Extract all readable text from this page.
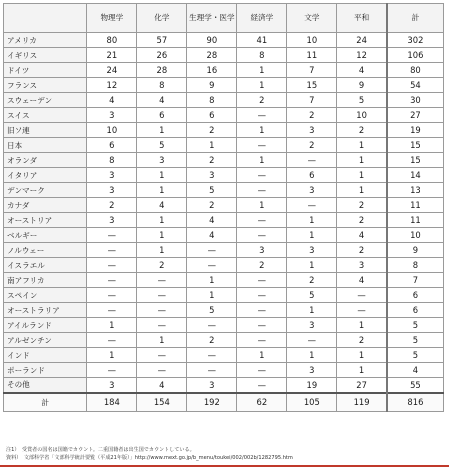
	物理学	化学	生理学・医学	経済学	文学	平和	計
アメリカ	80	57	90	41	10	24	302
イギリス	21	26	28	8	11	12	106
ドイツ	24	28	16	1	7	4	80
フランス	12	8	9	1	15	9	54
スウェーデン	4	4	8	2	7	5	30
スイス	3	6	6	—	2	10	27
旧ソ連	10	1	2	1	3	2	19
日本	6	5	1	—	2	1	15
オランダ	8	3	2	1	—	1	15
イタリア	3	1	3	—	6	1	14
デンマーク	3	1	5	—	3	1	13
カナダ	2	4	2	1	—	2	11
オーストリア	3	1	4	—	1	2	11
ベルギー	—	1	4	—	1	4	10
ノルウェー	—	1	—	3	3	2	9
イスラエル	—	2	—	2	1	3	8
南アフリカ	—	—	1	—	2	4	7
スペイン	—	—	1	—	5	—	6
オーストラリア	—	—	5	—	1	—	6
アイルランド	1	—	—	—	3	1	5
アルゼンチン	—	1	2	—	—	2	5
インド	1	—	—	1	1	1	5
ポーランド	—	—	—	—	3	1	4
その他	3	4	3	—	19	27	55
計	184	154	192	62	105	119	816

注1）　受賞者の国名は国籍でカウント。二重国籍者は出生国でカウントしている。

資料）　文部科学省「文部科学統計要覧（平成21年版）」http://www.mext.go.jp/b_menu/toukei/002/002b/1282795.htm
